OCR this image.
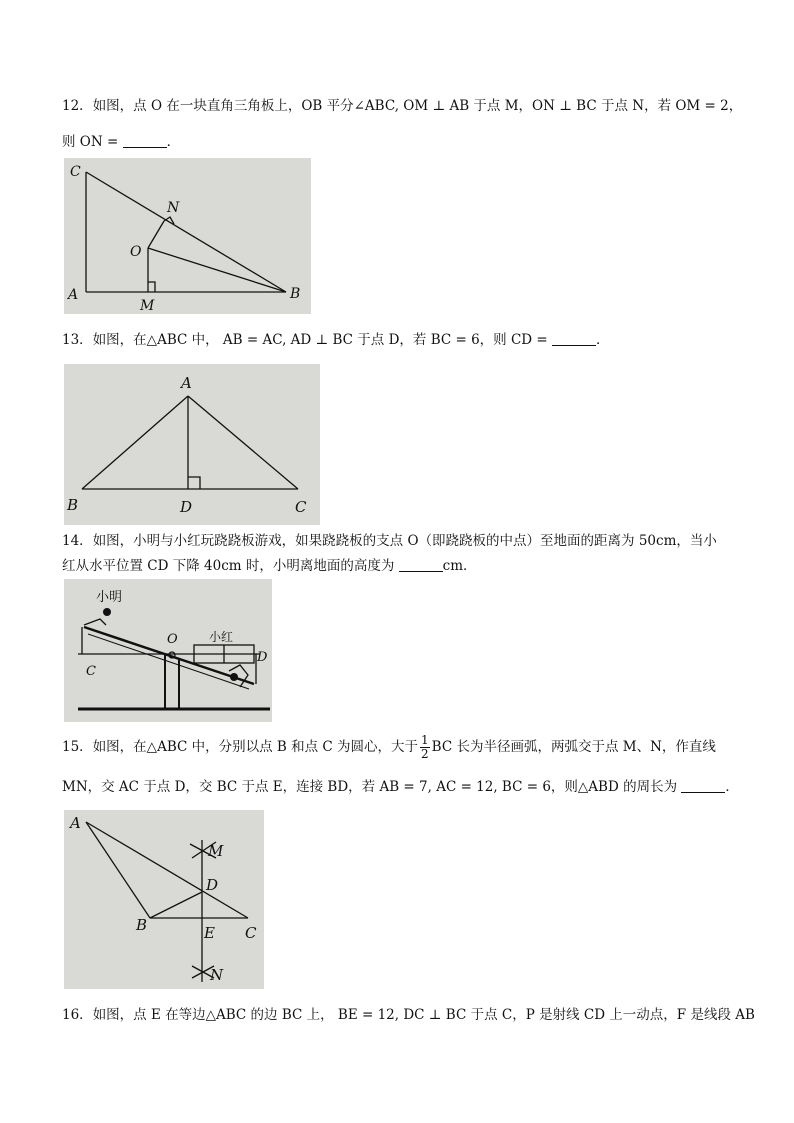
12．如图，点 O 在一块直角三角板上，OB 平分∠ABC, OM ⊥ AB 于点 M，ON ⊥ BC 于点 N，若 OM = 2，
则 ON =	．
C
N
O
A
M
B
13．如图，在△ABC 中， AB = AC, AD ⊥ BC 于点 D，若 BC = 6，则 CD =	．
A
B	D	C
14．如图，小明与小红玩跷跷板游戏，如果跷跷板的支点 O（即跷跷板的中点）至地面的距离为 50cm，当小
红从水平位置 CD 下降 40cm 时，小明离地面的高度为	cm．
小明
小红
O
C
D
15．如图，在△ABC 中，分别以点 B 和点 C 为圆心，大于 $\frac{1}{2}$ BC 长为半径画弧，两弧交于点 M、N，作直线
MN，交 AC 于点 D，交 BC 于点 E，连接 BD，若 AB = 7, AC = 12, BC = 6，则△ABD 的周长为	．
A
M
D
B	E C
N
16．如图，点 E 在等边△ABC 的边 BC 上， BE = 12, DC ⊥ BC 于点 C，P 是射线 CD 上一动点，F 是线段 AB
